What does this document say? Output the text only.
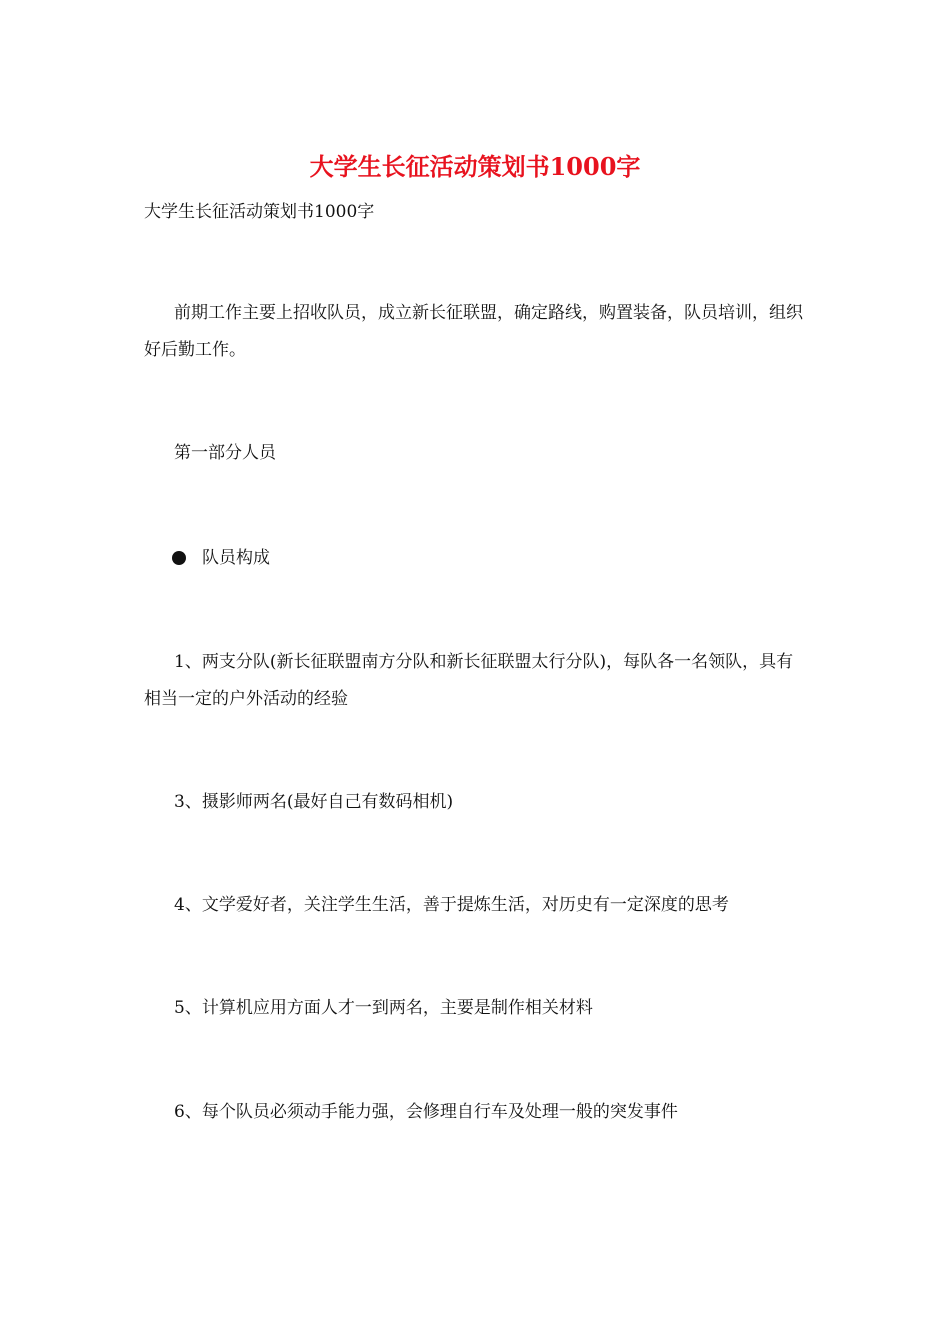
大学生长征活动策划书1000字

大学生长征活动策划书1000字

前期工作主要上招收队员，成立新长征联盟，确定路线，购置装备，队员培训，组织好后勤工作。

第一部分人员

队员构成

1、两支分队(新长征联盟南方分队和新长征联盟太行分队)，每队各一名领队，具有相当一定的户外活动的经验

3、摄影师两名(最好自己有数码相机)

4、文学爱好者，关注学生生活，善于提炼生活，对历史有一定深度的思考

5、计算机应用方面人才一到两名，主要是制作相关材料

6、每个队员必须动手能力强，会修理自行车及处理一般的突发事件
